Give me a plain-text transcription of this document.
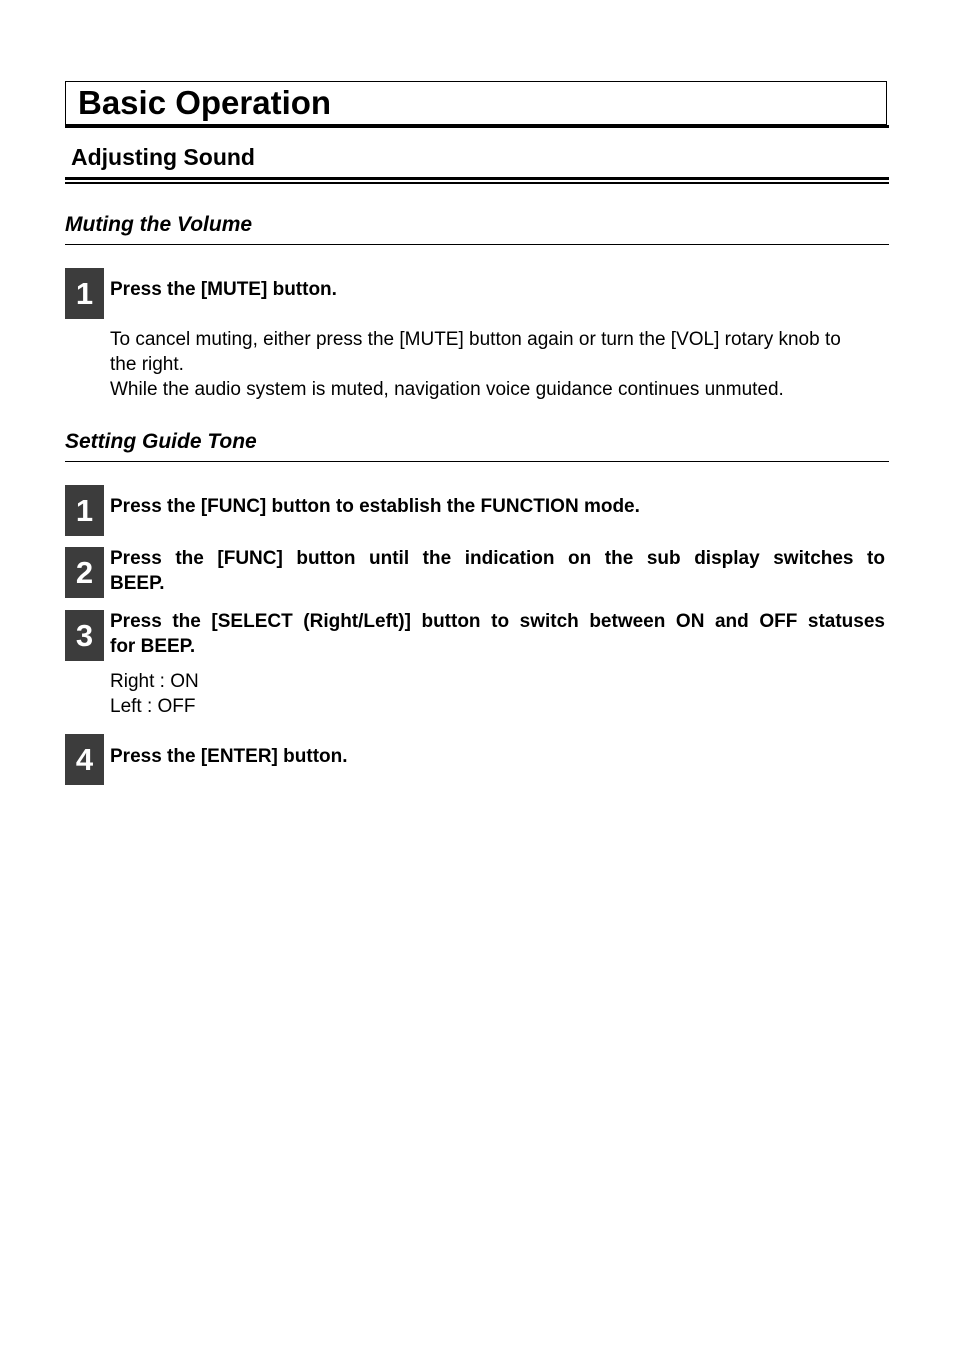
Basic Operation
Adjusting Sound
Muting the Volume
1 Press the [MUTE] button.
To cancel muting, either press the [MUTE] button again or turn the [VOL] rotary knob to
the right.
While the audio system is muted, navigation voice guidance continues unmuted.
Setting Guide Tone
1 Press the [FUNC] button to establish the FUNCTION mode.
2 Press the [FUNC] button until the indication on the sub display switches to
BEEP.
3 Press the [SELECT (Right/Left)] button to switch between ON and OFF statuses
for BEEP.
Right : ON
Left : OFF
4 Press the [ENTER] button.
